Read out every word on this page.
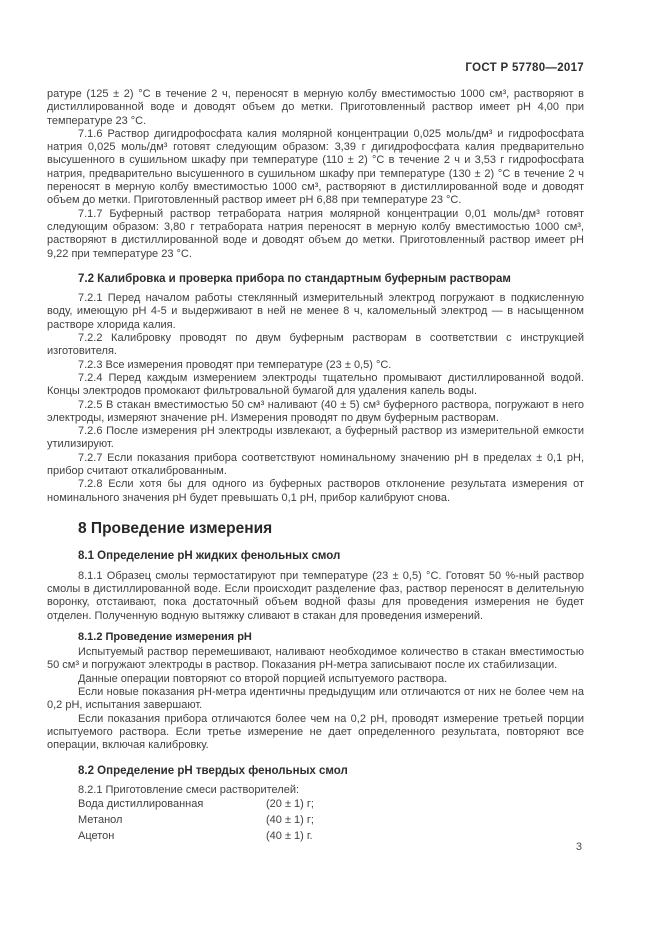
ГОСТ Р 57780—2017

ратуре (125 ± 2) °С в течение 2 ч, переносят в мерную колбу вместимостью 1000 см³, растворяют в дистиллированной воде и доводят объем до метки. Приготовленный раствор имеет рН 4,00 при температуре 23 °С.

7.1.6 Раствор дигидрофосфата калия молярной концентрации 0,025 моль/дм³ и гидрофосфата натрия 0,025 моль/дм³ готовят следующим образом: 3,39 г дигидрофосфата калия предварительно высушенного в сушильном шкафу при температуре (110 ± 2) °С в течение 2 ч и 3,53 г гидрофосфата натрия, предварительно высушенного в сушильном шкафу при температуре (130 ± 2) °С в течение 2 ч переносят в мерную колбу вместимостью 1000 см³, растворяют в дистиллированной воде и доводят объем до метки. Приготовленный раствор имеет рН 6,88 при температуре 23 °С.

7.1.7 Буферный раствор тетрабората натрия молярной концентрации 0,01 моль/дм³ готовят следующим образом: 3,80 г тетрабората натрия переносят в мерную колбу вместимостью 1000 см³, растворяют в дистиллированной воде и доводят объем до метки. Приготовленный раствор имеет рН 9,22 при температуре 23 °С.

7.2 Калибровка и проверка прибора по стандартным буферным растворам

7.2.1 Перед началом работы стеклянный измерительный электрод погружают в подкисленную воду, имеющую рН 4-5 и выдерживают в ней не менее 8 ч, каломельный электрод — в насыщенном растворе хлорида калия.

7.2.2 Калибровку проводят по двум буферным растворам в соответствии с инструкцией изготовителя.

7.2.3 Все измерения проводят при температуре (23 ± 0,5) °С.

7.2.4 Перед каждым измерением электроды тщательно промывают дистиллированной водой. Концы электродов промокают фильтровальной бумагой для удаления капель воды.

7.2.5 В стакан вместимостью 50 см³ наливают (40 ± 5) см³ буферного раствора, погружают в него электроды, измеряют значение рН. Измерения проводят по двум буферным растворам.

7.2.6 После измерения рН электроды извлекают, а буферный раствор из измерительной емкости утилизируют.

7.2.7 Если показания прибора соответствуют номинальному значению рН в пределах ± 0,1 рН, прибор считают откалиброванным.

7.2.8 Если хотя бы для одного из буферных растворов отклонение результата измерения от номинального значения рН будет превышать 0,1 рН, прибор калибруют снова.

8 Проведение измерения

8.1 Определение рН жидких фенольных смол

8.1.1 Образец смолы термостатируют при температуре (23 ± 0,5) °С. Готовят 50 %-ный раствор смолы в дистиллированной воде. Если происходит разделение фаз, раствор переносят в делительную воронку, отстаивают, пока достаточный объем водной фазы для проведения измерения не будет отделен. Полученную водную вытяжку сливают в стакан для проведения измерений.

8.1.2 Проведение измерения рН

Испытуемый раствор перемешивают, наливают необходимое количество в стакан вместимостью 50 см³ и погружают электроды в раствор. Показания рН-метра записывают после их стабилизации.

Данные операции повторяют со второй порцией испытуемого раствора.

Если новые показания рН-метра идентичны предыдущим или отличаются от них не более чем на 0,2 рН, испытания завершают.

Если показания прибора отличаются более чем на 0,2 рН, проводят измерение третьей порции испытуемого раствора. Если третье измерение не дает определенного результата, повторяют все операции, включая калибровку.

8.2 Определение рН твердых фенольных смол

8.2.1 Приготовление смеси растворителей:

Вода дистиллированная	(20 ± 1) г;
Метанол	(40 ± 1) г;
Ацетон	(40 ± 1) г.
3
